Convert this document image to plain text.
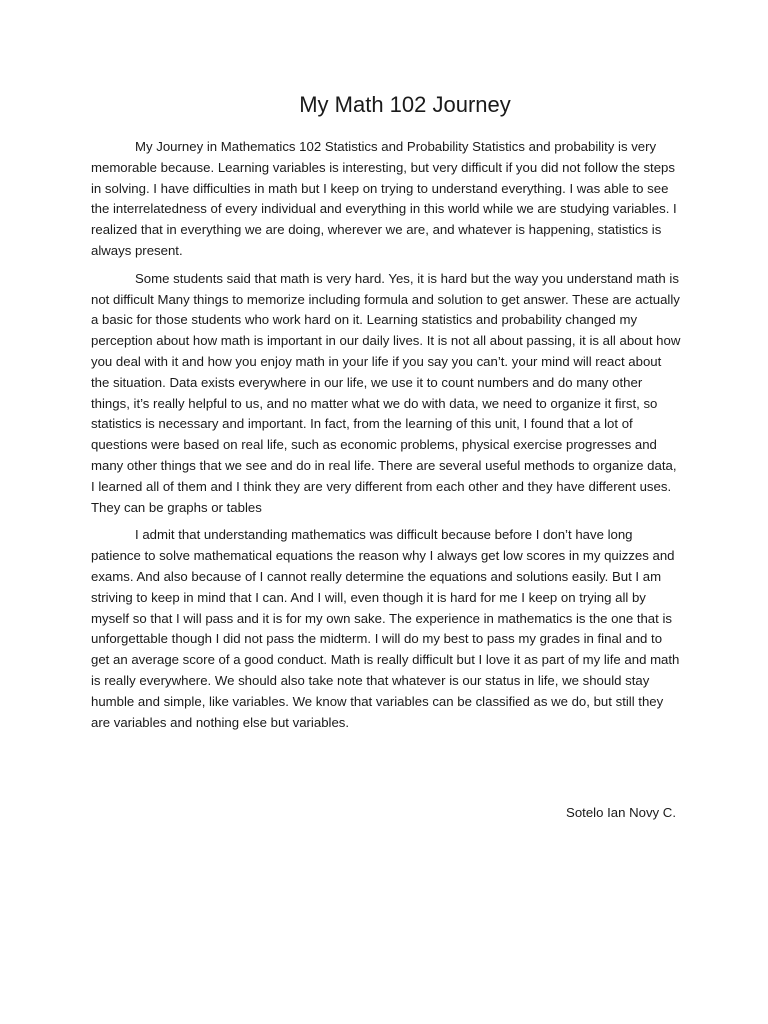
My Math 102 Journey

My Journey in Mathematics 102 Statistics and Probability Statistics and probability is very memorable because. Learning variables is interesting, but very difficult if you did not follow the steps in solving. I have difficulties in math but I keep on trying to understand everything. I was able to see the interrelatedness of every individual and everything in this world while we are studying variables. I realized that in everything we are doing, wherever we are, and whatever is happening, statistics is always present.

Some students said that math is very hard. Yes, it is hard but the way you understand math is not difficult Many things to memorize including formula and solution to get answer. These are actually a basic for those students who work hard on it. Learning statistics and probability changed my perception about how math is important in our daily lives. It is not all about passing, it is all about how you deal with it and how you enjoy math in your life if you say you can’t. your mind will react about the situation. Data exists everywhere in our life, we use it to count numbers and do many other things, it’s really helpful to us, and no matter what we do with data, we need to organize it first, so statistics is necessary and important. In fact, from the learning of this unit, I found that a lot of questions were based on real life, such as economic problems, physical exercise progresses and many other things that we see and do in real life. There are several useful methods to organize data, I learned all of them and I think they are very different from each other and they have different uses. They can be graphs or tables

I admit that understanding mathematics was difficult because before I don’t have long patience to solve mathematical equations the reason why I always get low scores in my quizzes and exams. And also because of I cannot really determine the equations and solutions easily. But I am striving to keep in mind that I can. And I will, even though it is hard for me I keep on trying all by myself so that I will pass and it is for my own sake. The experience in mathematics is the one that is unforgettable though I did not pass the midterm. I will do my best to pass my grades in final and to get an average score of a good conduct. Math is really difficult but I love it as part of my life and math is really everywhere. We should also take note that whatever is our status in life, we should stay humble and simple, like variables. We know that variables can be classified as we do, but still they are variables and nothing else but variables.

Sotelo Ian Novy C.
